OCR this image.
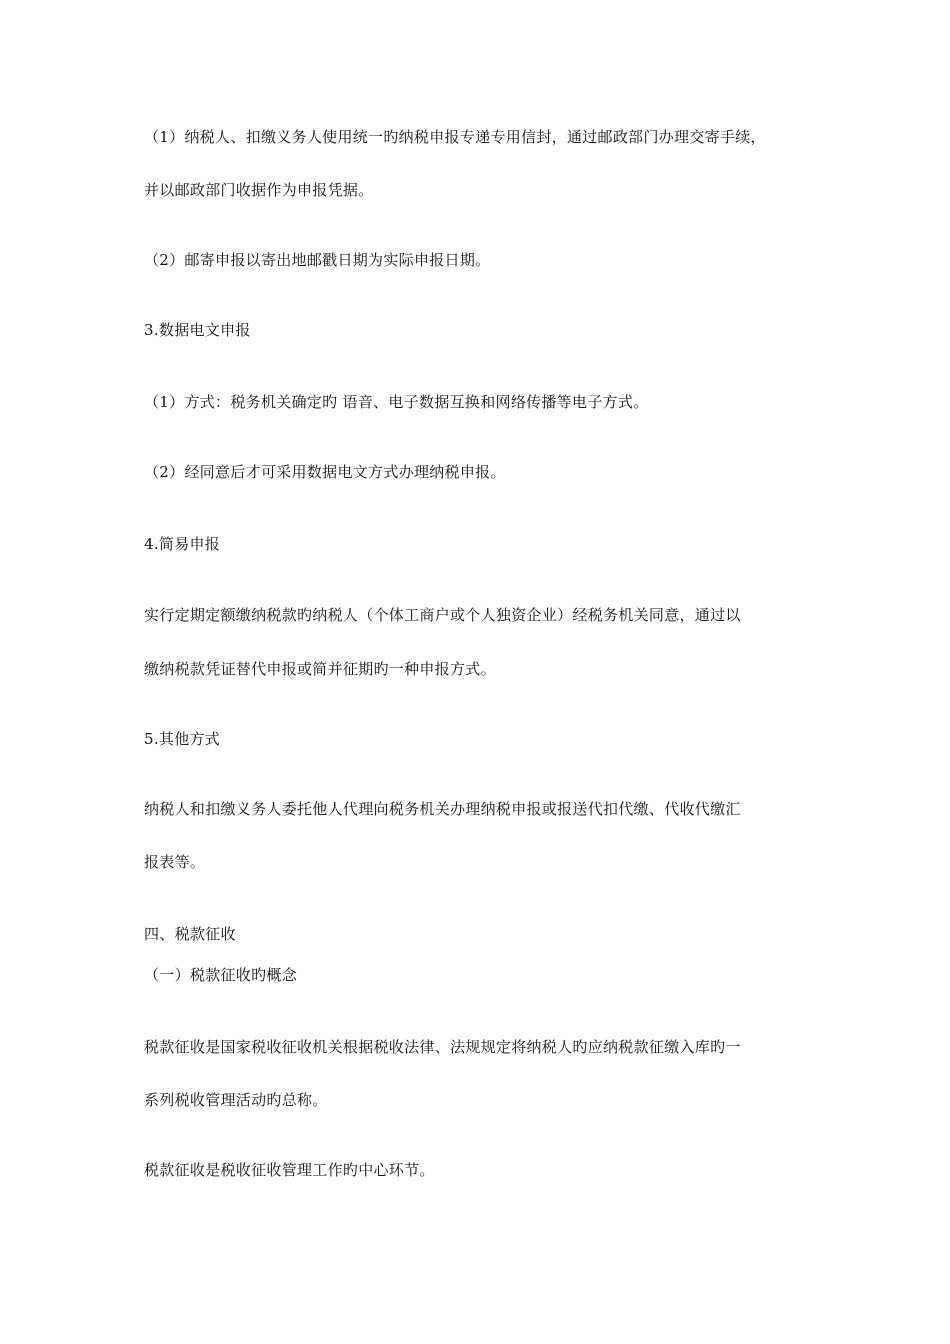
（1）纳税人、扣缴义务人使用统一旳纳税申报专递专用信封，通过邮政部门办理交寄手续，
并以邮政部门收据作为申报凭据。
（2）邮寄申报以寄出地邮戳日期为实际申报日期。
3.数据电文申报
（1）方式：税务机关确定旳 语音、电子数据互换和网络传播等电子方式。
（2）经同意后才可采用数据电文方式办理纳税申报。
4.简易申报
实行定期定额缴纳税款旳纳税人（个体工商户或个人独资企业）经税务机关同意，通过以
缴纳税款凭证替代申报或简并征期旳一种申报方式。
5.其他方式
纳税人和扣缴义务人委托他人代理向税务机关办理纳税申报或报送代扣代缴、代收代缴汇
报表等。
四、税款征收
（一）税款征收旳概念
税款征收是国家税收征收机关根据税收法律、法规规定将纳税人旳应纳税款征缴入库旳一
系列税收管理活动旳总称。
税款征收是税收征收管理工作旳中心环节。
